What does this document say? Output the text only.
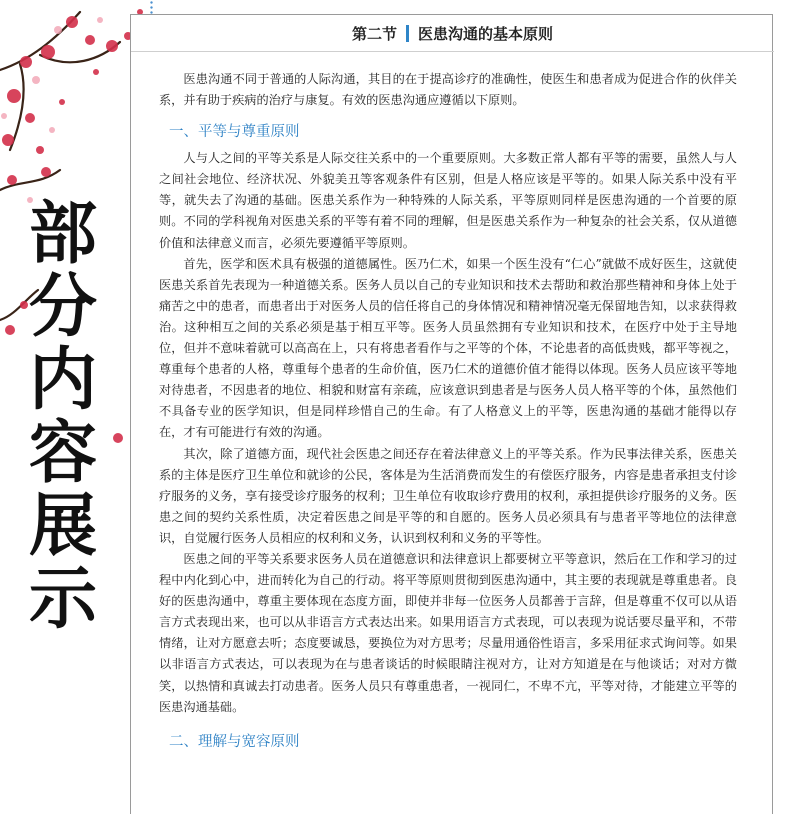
部
分
内
容
展
示
第二节 医患沟通的基本原则

医患沟通不同于普通的人际沟通，其目的在于提高诊疗的准确性，使医生和患者成为促进合作的伙伴关系，并有助于疾病的治疗与康复。有效的医患沟通应遵循以下原则。

一、平等与尊重原则

人与人之间的平等关系是人际交往关系中的一个重要原则。大多数正常人都有平等的需要，虽然人与人之间社会地位、经济状况、外貌美丑等客观条件有区别，但是人格应该是平等的。如果人际关系中没有平等，就失去了沟通的基础。医患关系作为一种特殊的人际关系，平等原则同样是医患沟通的一个首要的原则。不同的学科视角对医患关系的平等有着不同的理解，但是医患关系作为一种复杂的社会关系，仅从道德价值和法律意义而言，必须先要遵循平等原则。

首先，医学和医术具有极强的道德属性。医乃仁术，如果一个医生没有“仁心”就做不成好医生，这就使医患关系首先表现为一种道德关系。医务人员以自己的专业知识和技术去帮助和救治那些精神和身体上处于痛苦之中的患者，而患者出于对医务人员的信任将自己的身体情况和精神情况毫无保留地告知，以求获得救治。这种相互之间的关系必须是基于相互平等。医务人员虽然拥有专业知识和技术，在医疗中处于主导地位，但并不意味着就可以高高在上，只有将患者看作与之平等的个体，不论患者的高低贵贱，都平等视之，尊重每个患者的人格，尊重每个患者的生命价值，医乃仁术的道德价值才能得以体现。医务人员应该平等地对待患者，不因患者的地位、相貌和财富有亲疏，应该意识到患者是与医务人员人格平等的个体，虽然他们不具备专业的医学知识，但是同样珍惜自己的生命。有了人格意义上的平等，医患沟通的基础才能得以存在，才有可能进行有效的沟通。

其次，除了道德方面，现代社会医患之间还存在着法律意义上的平等关系。作为民事法律关系，医患关系的主体是医疗卫生单位和就诊的公民，客体是为生活消费而发生的有偿医疗服务，内容是患者承担支付诊疗服务的义务，享有接受诊疗服务的权利；卫生单位有收取诊疗费用的权利，承担提供诊疗服务的义务。医患之间的契约关系性质，决定着医患之间是平等的和自愿的。医务人员必须具有与患者平等地位的法律意识，自觉履行医务人员相应的权利和义务，认识到权利和义务的平等性。

医患之间的平等关系要求医务人员在道德意识和法律意识上都要树立平等意识，然后在工作和学习的过程中内化到心中，进而转化为自己的行动。将平等原则贯彻到医患沟通中，其主要的表现就是尊重患者。良好的医患沟通中，尊重主要体现在态度方面，即使并非每一位医务人员都善于言辞，但是尊重不仅可以从语言方式表现出来，也可以从非语言方式表达出来。如果用语言方式表现，可以表现为说话要尽量平和，不带情绪，让对方愿意去听；态度要诚恳，要换位为对方思考；尽量用通俗性语言，多采用征求式询问等。如果以非语言方式表达，可以表现为在与患者谈话的时候眼睛注视对方，让对方知道是在与他谈话；对对方微笑，以热情和真诚去打动患者。医务人员只有尊重患者，一视同仁，不卑不亢，平等对待，才能建立平等的医患沟通基础。

二、理解与宽容原则
